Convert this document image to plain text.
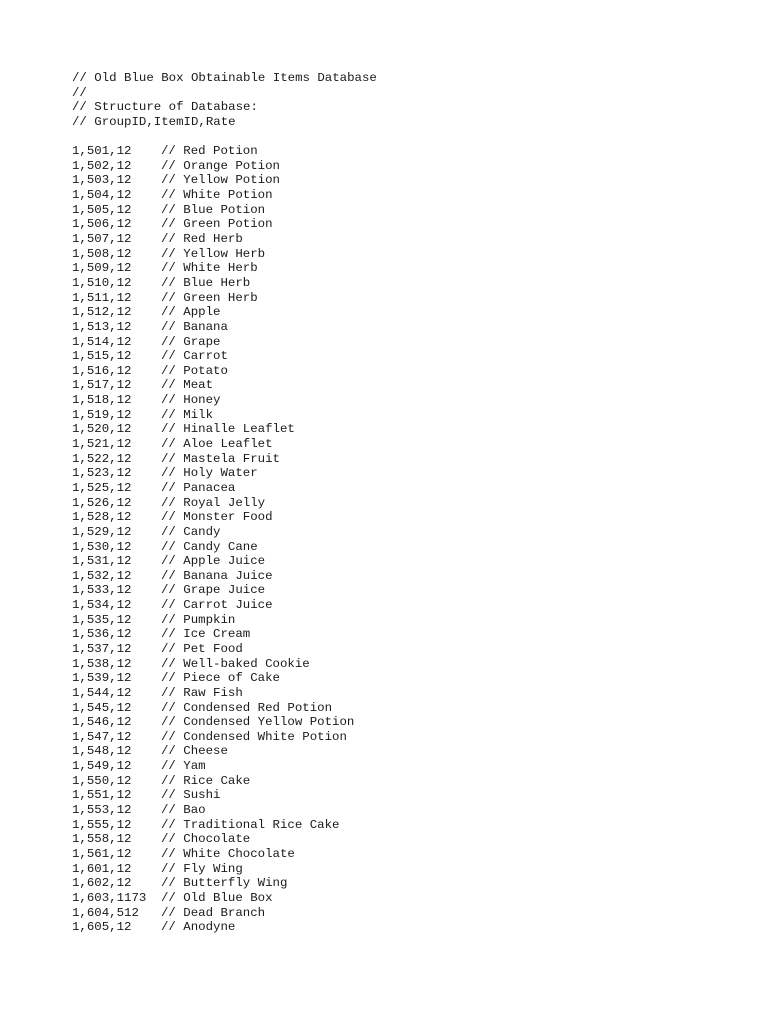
// Old Blue Box Obtainable Items Database
//
// Structure of Database:
// GroupID,ItemID,Rate
1,501,12	// Red Potion
1,502,12	// Orange Potion
1,503,12	// Yellow Potion
1,504,12	// White Potion
1,505,12	// Blue Potion
1,506,12	// Green Potion
1,507,12	// Red Herb
1,508,12	// Yellow Herb
1,509,12	// White Herb
1,510,12	// Blue Herb
1,511,12	// Green Herb
1,512,12	// Apple
1,513,12	// Banana
1,514,12	// Grape
1,515,12	// Carrot
1,516,12	// Potato
1,517,12	// Meat
1,518,12	// Honey
1,519,12	// Milk
1,520,12	// Hinalle Leaflet
1,521,12	// Aloe Leaflet
1,522,12	// Mastela Fruit
1,523,12	// Holy Water
1,525,12	// Panacea
1,526,12	// Royal Jelly
1,528,12	// Monster Food
1,529,12	// Candy
1,530,12	// Candy Cane
1,531,12	// Apple Juice
1,532,12	// Banana Juice
1,533,12	// Grape Juice
1,534,12	// Carrot Juice
1,535,12	// Pumpkin
1,536,12	// Ice Cream
1,537,12	// Pet Food
1,538,12	// Well-baked Cookie
1,539,12	// Piece of Cake
1,544,12	// Raw Fish
1,545,12	// Condensed Red Potion
1,546,12	// Condensed Yellow Potion
1,547,12	// Condensed White Potion
1,548,12	// Cheese
1,549,12	// Yam
1,550,12	// Rice Cake
1,551,12	// Sushi
1,553,12	// Bao
1,555,12	// Traditional Rice Cake
1,558,12	// Chocolate
1,561,12	// White Chocolate
1,601,12	// Fly Wing
1,602,12	// Butterfly Wing
1,603,1173	// Old Blue Box
1,604,512	// Dead Branch
1,605,12	// Anodyne
